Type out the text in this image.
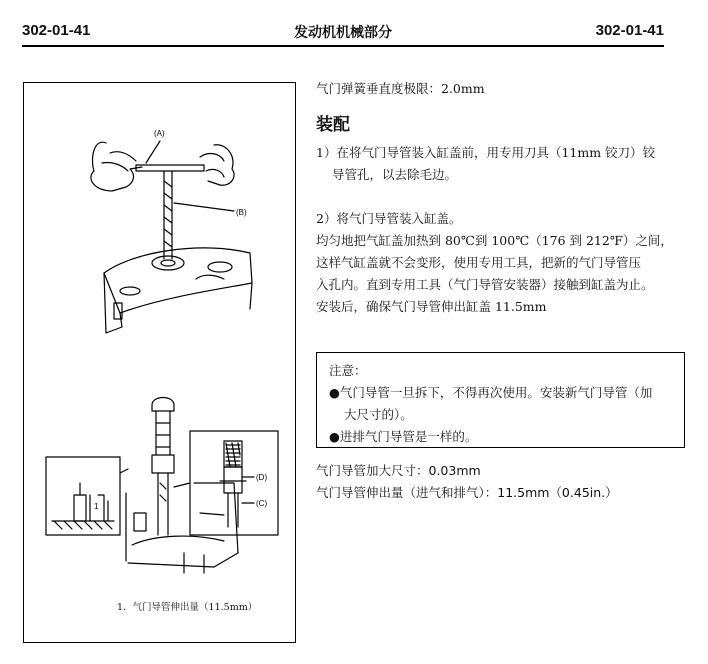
302-01-41	发动机机械部分	302-01-41
(A)
(B)
(D)
(C)
1
1．气门导管伸出量（11.5mm）

气门弹簧垂直度极限：2.0mm

装配

1）在将气门导管装入缸盖前，用专用刀具（11mm 铰刀）铰

导管孔，以去除毛边。

2）将气门导管装入缸盖。

均匀地把气缸盖加热到 80℃到 100℃（176 到 212℉）之间，

这样气缸盖就不会变形，使用专用工具，把新的气门导管压

入孔内。直到专用工具（气门导管安装器）接触到缸盖为止。

安装后，确保气门导管伸出缸盖 11.5mm

注意：
●气门导管一旦拆下，不得再次使用。安装新气门导管（加
大尺寸的）。
●进排气门导管是一样的。
气门导管加大尺寸：0.03mm
气门导管伸出量（进气和排气）：11.5mm（0.45in.）
